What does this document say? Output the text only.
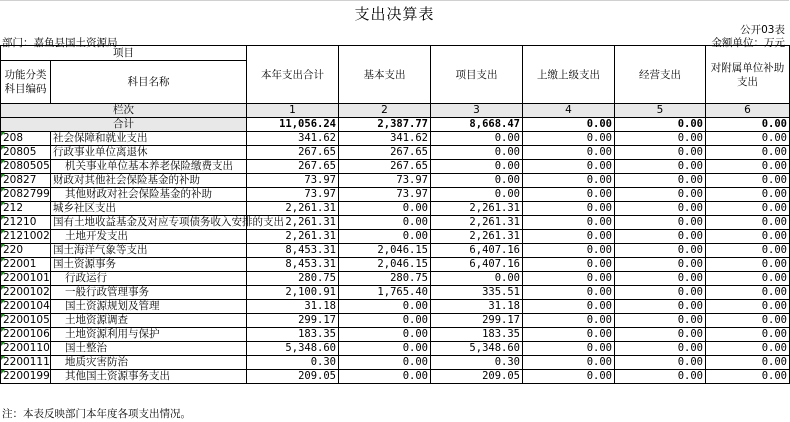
支出决算表
公开03表
部门：嘉鱼县国土资源局	金额单位：万元
项目		本年支出合计	基本支出	项目支出	上缴上级支出	经营支出	对附属单位补助支出
功能分类科目编码	科目名称						
栏次		1	2	3	4	5	6
合计		11,056.24	2,387.77	8,668.47	0.00	0.00	0.00
208	社会保障和就业支出	341.62	341.62	0.00	0.00	0.00	0.00
20805	行政事业单位离退休	267.65	267.65	0.00	0.00	0.00	0.00
2080505	机关事业单位基本养老保险缴费支出	267.65	267.65	0.00	0.00	0.00	0.00
20827	财政对其他社会保险基金的补助	73.97	73.97	0.00	0.00	0.00	0.00
2082799	其他财政对社会保险基金的补助	73.97	73.97	0.00	0.00	0.00	0.00
212	城乡社区支出	2,261.31	0.00	2,261.31	0.00	0.00	0.00
21210	国有土地收益基金及对应专项债务收入安排的支出	2,261.31	0.00	2,261.31	0.00	0.00	0.00
2121002	土地开发支出	2,261.31	0.00	2,261.31	0.00	0.00	0.00
220	国土海洋气象等支出	8,453.31	2,046.15	6,407.16	0.00	0.00	0.00
22001	国土资源事务	8,453.31	2,046.15	6,407.16	0.00	0.00	0.00
2200101	行政运行	280.75	280.75	0.00	0.00	0.00	0.00
2200102	一般行政管理事务	2,100.91	1,765.40	335.51	0.00	0.00	0.00
2200104	国土资源规划及管理	31.18	0.00	31.18	0.00	0.00	0.00
2200105	土地资源调查	299.17	0.00	299.17	0.00	0.00	0.00
2200106	土地资源利用与保护	183.35	0.00	183.35	0.00	0.00	0.00
2200110	国土整治	5,348.60	0.00	5,348.60	0.00	0.00	0.00
2200111	地质灾害防治	0.30	0.00	0.30	0.00	0.00	0.00
2200199	其他国土资源事务支出	209.05	0.00	209.05	0.00	0.00	0.00
注：本表反映部门本年度各项支出情况。
